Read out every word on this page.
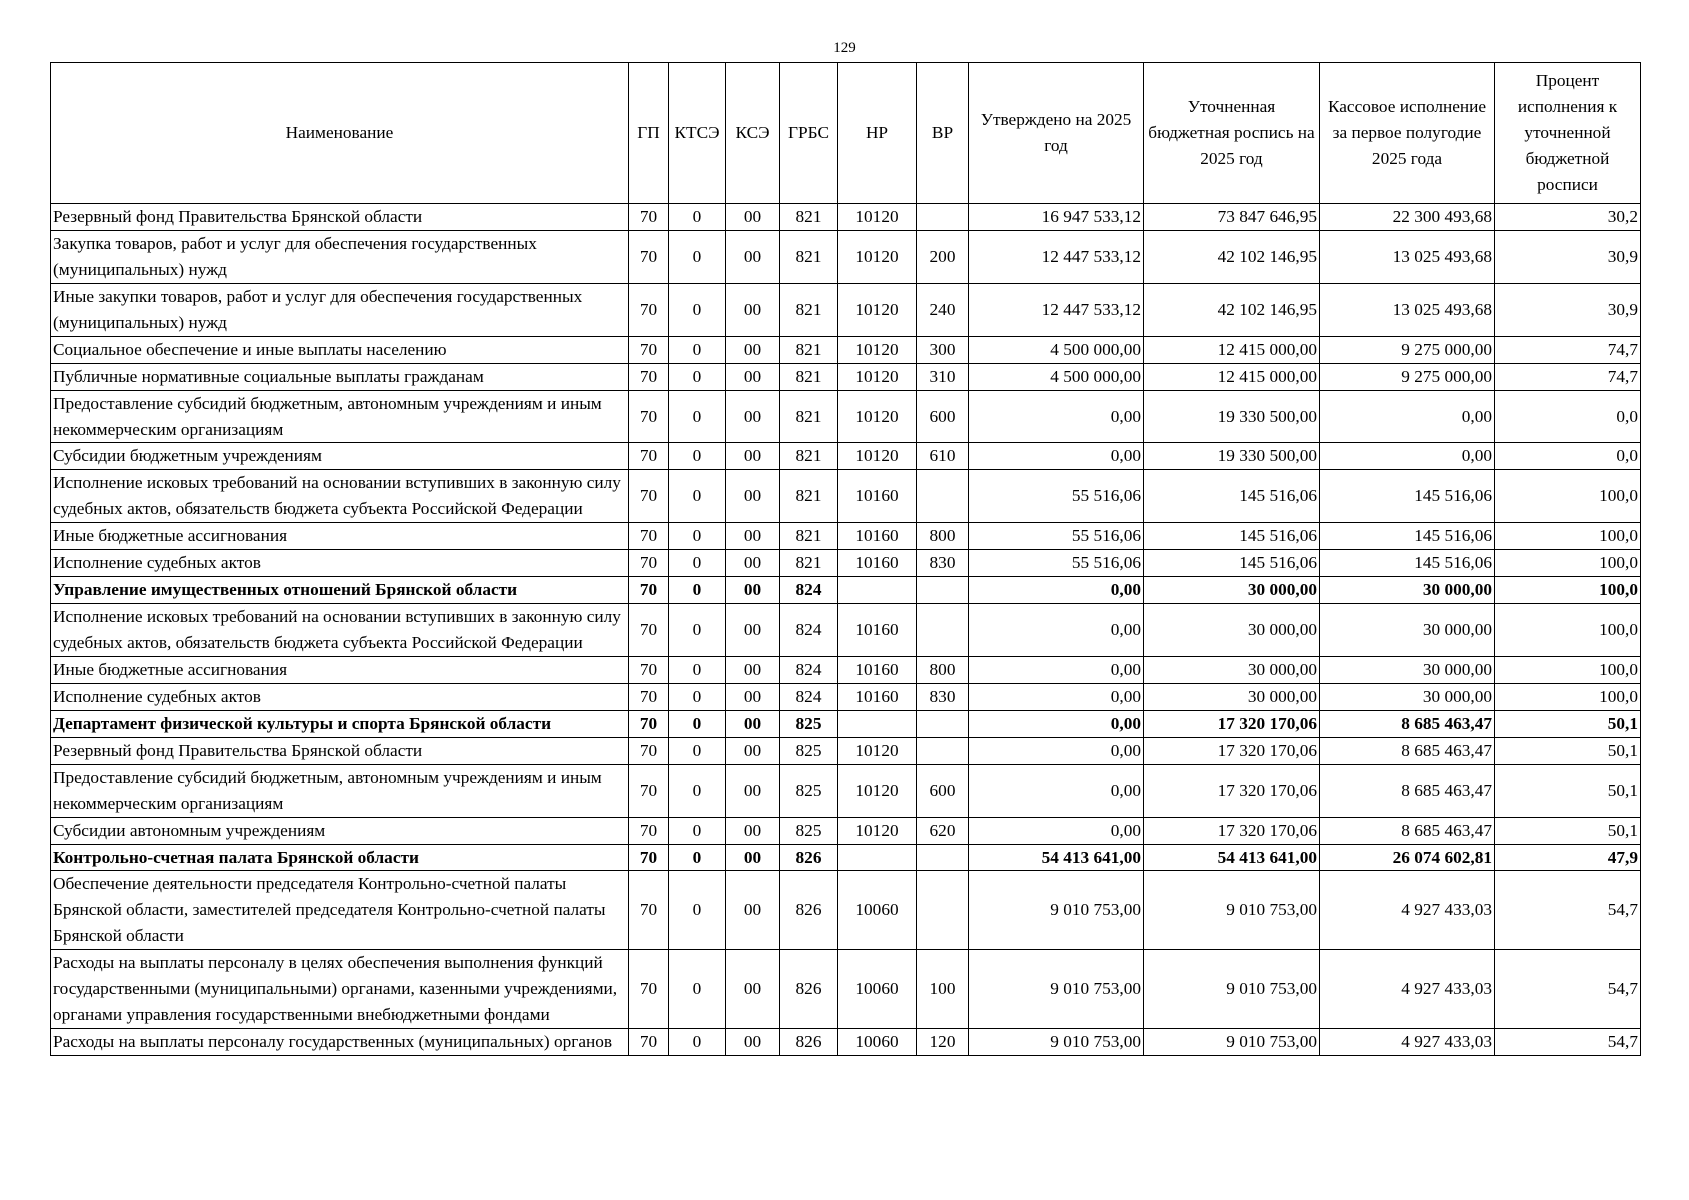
129
Наименование	ГП	КТСЭ	КСЭ	ГРБС	НР	ВР	Утверждено на 2025 год	Уточненная бюджетная роспись на 2025 год	Кассовое исполнение за первое полугодие 2025 года	Процент исполнения к уточненной бюджетной росписи
Резервный фонд Правительства Брянской области	70	0	00	821	10120		16 947 533,12	73 847 646,95	22 300 493,68	30,2
Закупка товаров, работ и услуг для обеспечения государственных (муниципальных) нужд	70	0	00	821	10120	200	12 447 533,12	42 102 146,95	13 025 493,68	30,9
Иные закупки товаров, работ и услуг для обеспечения государственных (муниципальных) нужд	70	0	00	821	10120	240	12 447 533,12	42 102 146,95	13 025 493,68	30,9
Социальное обеспечение и иные выплаты населению	70	0	00	821	10120	300	4 500 000,00	12 415 000,00	9 275 000,00	74,7
Публичные нормативные социальные выплаты гражданам	70	0	00	821	10120	310	4 500 000,00	12 415 000,00	9 275 000,00	74,7
Предоставление субсидий бюджетным, автономным учреждениям и иным некоммерческим организациям	70	0	00	821	10120	600	0,00	19 330 500,00	0,00	0,0
Субсидии бюджетным учреждениям	70	0	00	821	10120	610	0,00	19 330 500,00	0,00	0,0
Исполнение исковых требований на основании вступивших в законную силу судебных актов, обязательств бюджета субъекта Российской Федерации	70	0	00	821	10160		55 516,06	145 516,06	145 516,06	100,0
Иные бюджетные ассигнования	70	0	00	821	10160	800	55 516,06	145 516,06	145 516,06	100,0
Исполнение судебных актов	70	0	00	821	10160	830	55 516,06	145 516,06	145 516,06	100,0
Управление имущественных отношений Брянской области	70	0	00	824			0,00	30 000,00	30 000,00	100,0
Исполнение исковых требований на основании вступивших в законную силу судебных актов, обязательств бюджета субъекта Российской Федерации	70	0	00	824	10160		0,00	30 000,00	30 000,00	100,0
Иные бюджетные ассигнования	70	0	00	824	10160	800	0,00	30 000,00	30 000,00	100,0
Исполнение судебных актов	70	0	00	824	10160	830	0,00	30 000,00	30 000,00	100,0
Департамент физической культуры и спорта Брянской области	70	0	00	825			0,00	17 320 170,06	8 685 463,47	50,1
Резервный фонд Правительства Брянской области	70	0	00	825	10120		0,00	17 320 170,06	8 685 463,47	50,1
Предоставление субсидий бюджетным, автономным учреждениям и иным некоммерческим организациям	70	0	00	825	10120	600	0,00	17 320 170,06	8 685 463,47	50,1
Субсидии автономным учреждениям	70	0	00	825	10120	620	0,00	17 320 170,06	8 685 463,47	50,1
Контрольно-счетная палата Брянской области	70	0	00	826			54 413 641,00	54 413 641,00	26 074 602,81	47,9
Обеспечение деятельности председателя Контрольно-счетной палаты Брянской области, заместителей председателя Контрольно-счетной палаты Брянской области	70	0	00	826	10060		9 010 753,00	9 010 753,00	4 927 433,03	54,7
Расходы на выплаты персоналу в целях обеспечения выполнения функций государственными (муниципальными) органами, казенными учреждениями, органами управления государственными внебюджетными фондами	70	0	00	826	10060	100	9 010 753,00	9 010 753,00	4 927 433,03	54,7
Расходы на выплаты персоналу государственных (муниципальных) органов	70	0	00	826	10060	120	9 010 753,00	9 010 753,00	4 927 433,03	54,7
